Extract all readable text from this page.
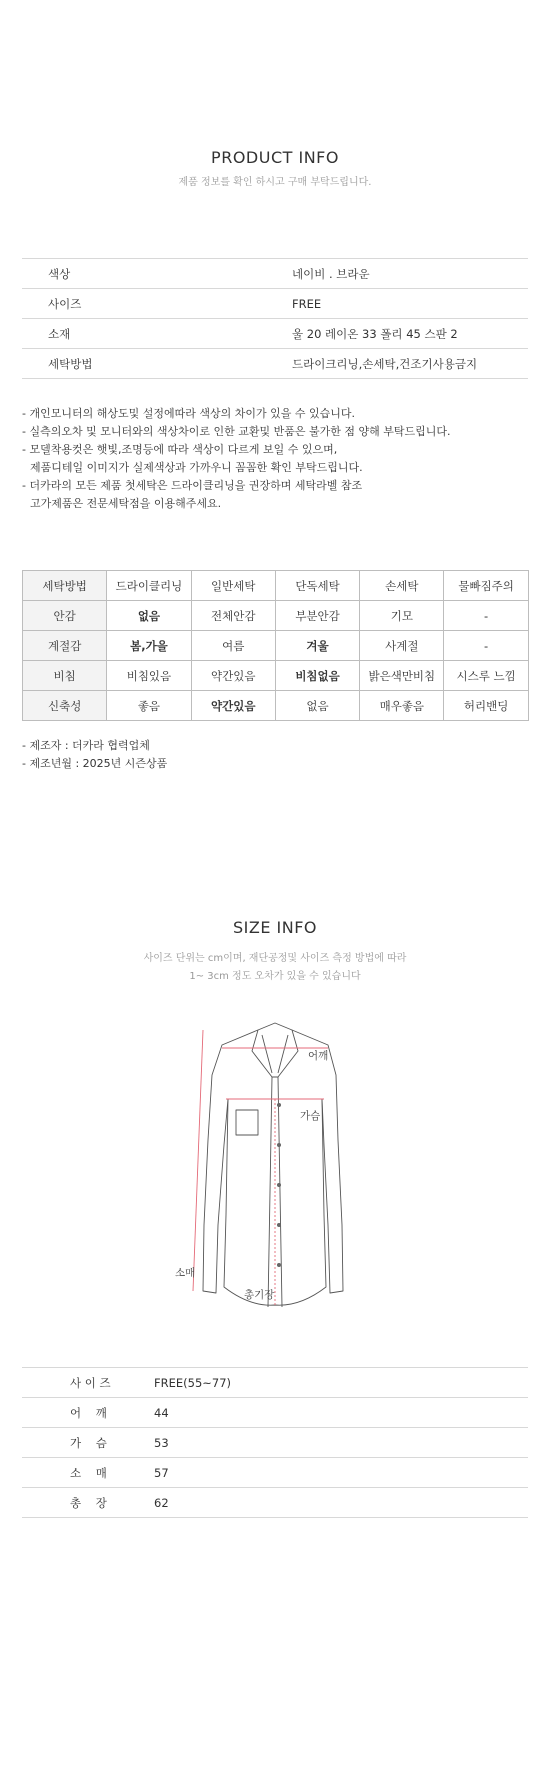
PRODUCT INFO
제품 정보를 확인 하시고 구매 부탁드립니다.
색상	네이비 . 브라운
사이즈	FREE
소재	울 20 레이온 33 폴리 45 스판 2
세탁방법	드라이크리닝,손세탁,건조기사용금지
- 개인모니터의 해상도및 설정에따라 색상의 차이가 있을 수 있습니다.
- 실측의오차 및 모니터와의 색상차이로 인한 교환및 반품은 불가한 점 양해 부탁드립니다.
- 모델착용컷은 햇빛,조명등에 따라 색상이 다르게 보일 수 있으며,
제품디테일 이미지가 실제색상과 가까우니 꼼꼼한 확인 부탁드립니다.
- 더카라의 모든 제품 첫세탁은 드라이클리닝을 권장하며 세탁라벨 참조
고가제품은 전문세탁점을 이용해주세요.
세탁방법	드라이클리닝	일반세탁	단독세탁	손세탁	물빠짐주의
안감	없음	전체안감	부분안감	기모	-
계절감	봄,가을	여름	겨울	사계절	-
비침	비침있음	약간있음	비침없음	밝은색만비침	시스루 느낌
신축성	좋음	약간있음	없음	매우좋음	허리밴딩
- 제조자 : 더카라 협력업체
- 제조년월 : 2025년 시즌상품
SIZE INFO
사이즈 단위는 cm이며, 재단공정및 사이즈 측정 방법에 따라
1~ 3cm 정도 오차가 있을 수 있습니다
어깨
가슴
소매
총기장
사 이 즈	FREE(55~77)
어    깨	44
가    슴	53
소    매	57
총    장	62
